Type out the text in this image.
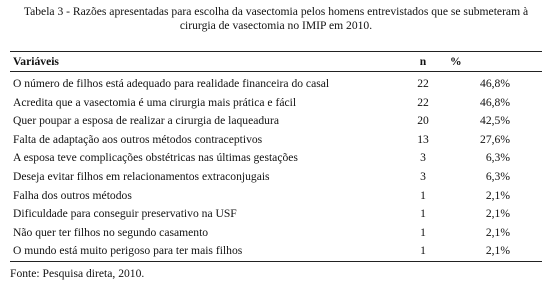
Tabela 3 - Razões apresentadas para escolha da vasectomia pelos homens entrevistados que se submeteram à cirurgia de vasectomia no IMIP em 2010.
Variáveis	n	%
O número de filhos está adequado para realidade financeira do casal	22	46,8%
Acredita que a vasectomia é uma cirurgia mais prática e fácil	22	46,8%
Quer poupar a esposa de realizar a cirurgia de laqueadura	20	42,5%
Falta de adaptação aos outros métodos contraceptivos	13	27,6%
A esposa teve complicações obstétricas nas últimas gestações	3	6,3%
Deseja evitar filhos em relacionamentos extraconjugais	3	6,3%
Falha dos outros métodos	1	2,1%
Dificuldade para conseguir preservativo na USF	1	2,1%
Não quer ter filhos no segundo casamento	1	2,1%
O mundo está muito perigoso para ter mais filhos	1	2,1%
Fonte: Pesquisa direta, 2010.
